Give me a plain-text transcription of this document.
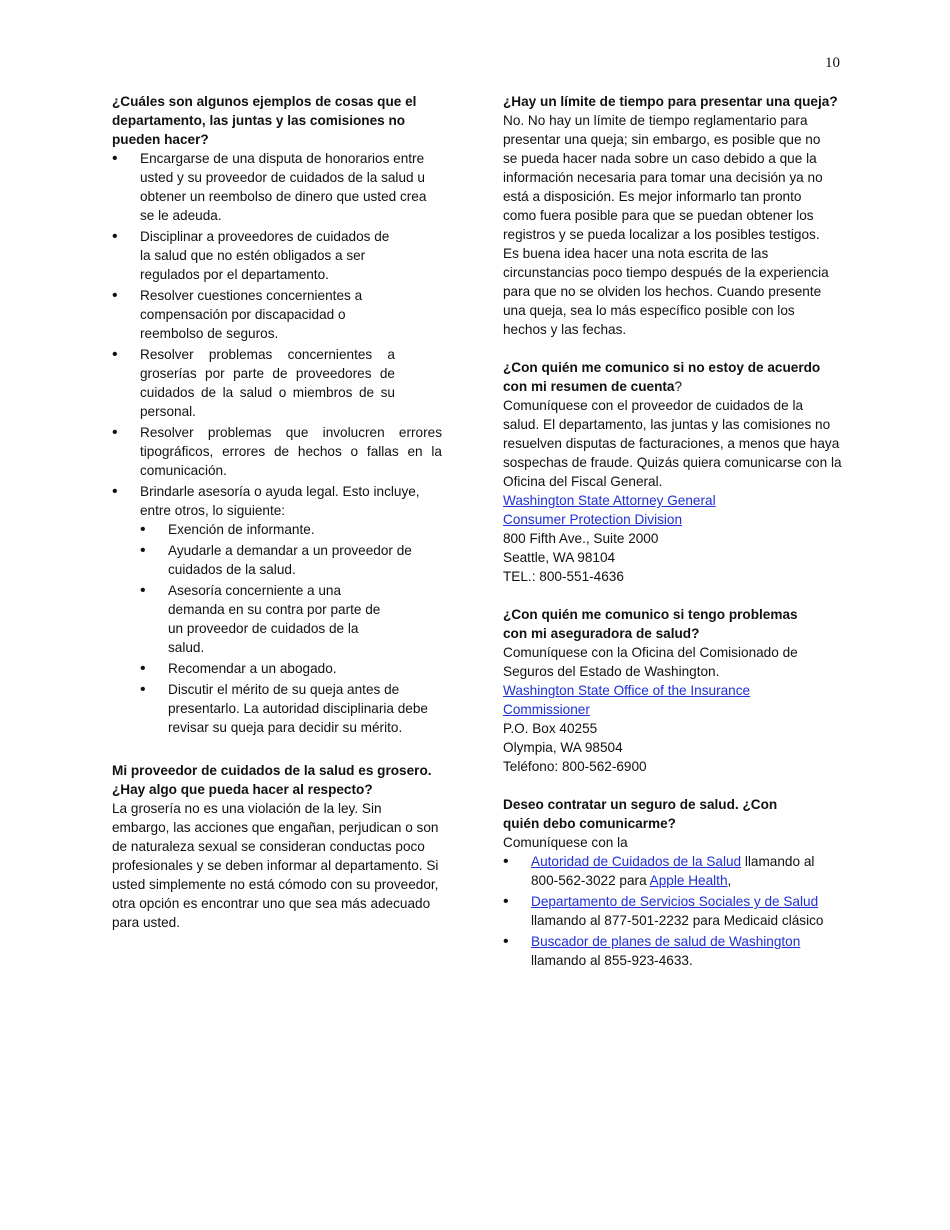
10

¿Cuáles son algunos ejemplos de cosas que el departamento, las juntas y las comisiones no pueden hacer?

• Encargarse de una disputa de honorarios entre usted y su proveedor de cuidados de la salud u obtener un reembolso de dinero que usted crea se le adeuda.
• Disciplinar a proveedores de cuidados de la salud que no estén obligados a ser regulados por el departamento.
• Resolver cuestiones concernientes a compensación por discapacidad o reembolso de seguros.
• Resolver problemas concernientes a groserías por parte de proveedores de cuidados de la salud o miembros de su personal.
• Resolver problemas que involucren errores tipográficos, errores de hechos o fallas en la comunicación.
• Brindarle asesoría o ayuda legal. Esto incluye, entre otros, lo siguiente:
• Exención de informante.
• Ayudarle a demandar a un proveedor de cuidados de la salud.
• Asesoría concerniente a una demanda en su contra por parte de un proveedor de cuidados de la salud.
• Recomendar a un abogado.
• Discutir el mérito de su queja antes de presentarlo. La autoridad disciplinaria debe revisar su queja para decidir su mérito.

Mi proveedor de cuidados de la salud es grosero. ¿Hay algo que pueda hacer al respecto?

La grosería no es una violación de la ley. Sin embargo, las acciones que engañan, perjudican o son de naturaleza sexual se consideran conductas poco profesionales y se deben informar al departamento. Si usted simplemente no está cómodo con su proveedor, otra opción es encontrar uno que sea más adecuado para usted.

¿Hay un límite de tiempo para presentar una queja?

No. No hay un límite de tiempo reglamentario para presentar una queja; sin embargo, es posible que no se pueda hacer nada sobre un caso debido a que la información necesaria para tomar una decisión ya no está a disposición. Es mejor informarlo tan pronto como fuera posible para que se puedan obtener los registros y se pueda localizar a los posibles testigos. Es buena idea hacer una nota escrita de las circunstancias poco tiempo después de la experiencia para que no se olviden los hechos. Cuando presente una queja, sea lo más específico posible con los hechos y las fechas.

¿Con quién me comunico si no estoy de acuerdo con mi resumen de cuenta?

Comuníquese con el proveedor de cuidados de la salud. El departamento, las juntas y las comisiones no resuelven disputas de facturaciones, a menos que haya sospechas de fraude. Quizás quiera comunicarse con la Oficina del Fiscal General.

Washington State Attorney General

Consumer Protection Division

800 Fifth Ave., Suite 2000

Seattle, WA 98104

TEL.: 800-551-4636

¿Con quién me comunico si tengo problemas con mi aseguradora de salud?

Comuníquese con la Oficina del Comisionado de Seguros del Estado de Washington.

Washington State Office of the Insurance Commissioner

P.O. Box 40255

Olympia, WA 98504

Teléfono: 800-562-6900

Deseo contratar un seguro de salud. ¿Con quién debo comunicarme?

Comuníquese con la

• Autoridad de Cuidados de la Salud llamando al 800-562-3022 para Apple Health,
• Departamento de Servicios Sociales y de Salud llamando al 877-501-2232 para Medicaid clásico
• Buscador de planes de salud de Washington llamando al 855-923-4633.
